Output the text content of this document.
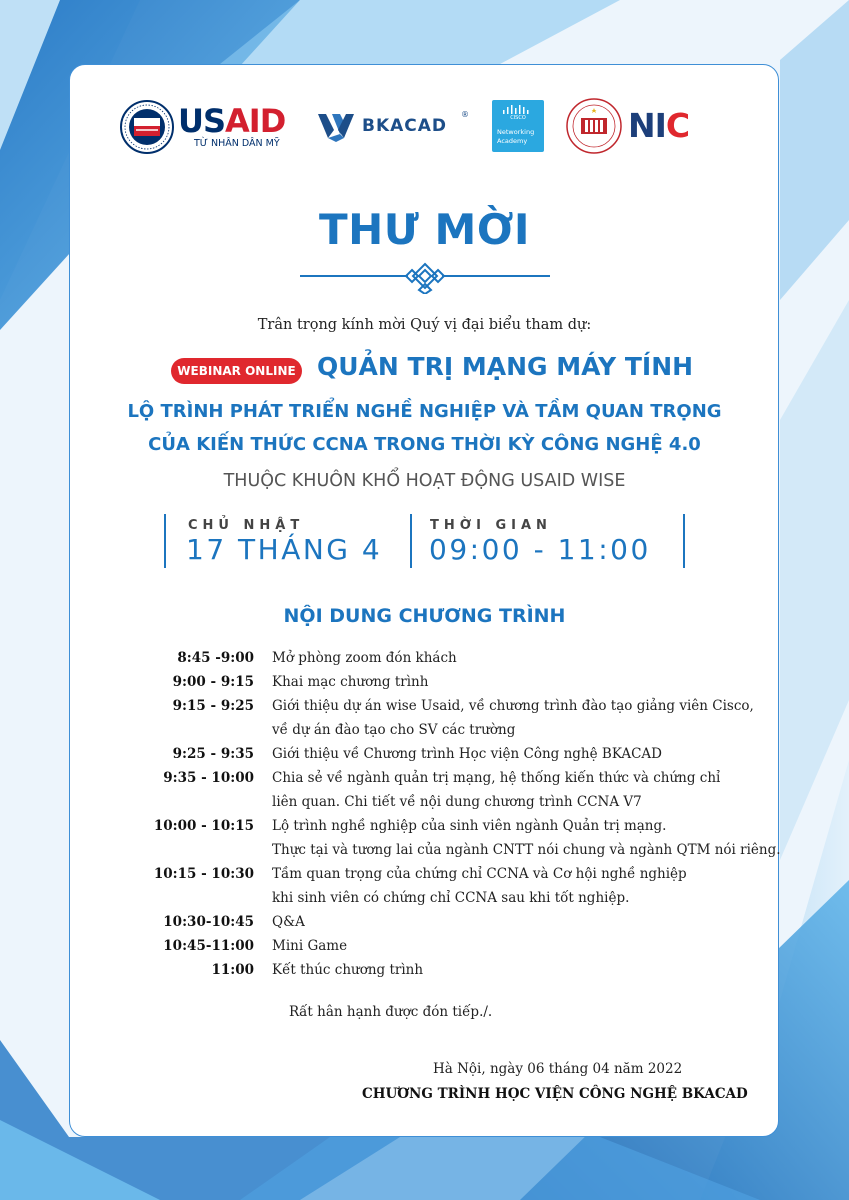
USAID
TỪ NHÂN DÂN MỸ
BKACAD
®	CISCO
Networking
Academy	NIC
THƯ MỜI
Trân trọng kính mời Quý vị đại biểu tham dự:
WEBINAR ONLINE QUẢN TRỊ MẠNG MÁY TÍNH
LỘ TRÌNH PHÁT TRIỂN NGHỀ NGHIỆP VÀ TẦM QUAN TRỌNG
CỦA KIẾN THỨC CCNA TRONG THỜI KỲ CÔNG NGHỆ 4.0
THUỘC KHUÔN KHỔ HOẠT ĐỘNG USAID WISE
CHỦ NHẬT
17 THÁNG 4
THỜI GIAN
09:00 - 11:00
NỘI DUNG CHƯƠNG TRÌNH
8:45 -9:00	Mở phòng zoom đón khách
9:00 - 9:15	Khai mạc chương trình
9:15 - 9:25	Giới thiệu dự án wise Usaid, về chương trình đào tạo giảng viên Cisco,
về dự án đào tạo cho SV các trường
9:25 - 9:35	Giới thiệu về Chương trình Học viện Công nghệ BKACAD
9:35 - 10:00	Chia sẻ về ngành quản trị mạng, hệ thống kiến thức và chứng chỉ
liên quan. Chi tiết về nội dung chương trình CCNA V7
10:00 - 10:15	Lộ trình nghề nghiệp của sinh viên ngành Quản trị mạng.
Thực tại và tương lai của ngành CNTT nói chung và ngành QTM nói riêng.
10:15 - 10:30	Tầm quan trọng của chứng chỉ CCNA và Cơ hội nghề nghiệp
khi sinh viên có chứng chỉ CCNA sau khi tốt nghiệp.
10:30-10:45	Q&A
10:45-11:00	Mini Game
11:00	Kết thúc chương trình
Rất hân hạnh được đón tiếp./.
Hà Nội, ngày 06 tháng 04 năm 2022
CHƯƠNG TRÌNH HỌC VIỆN CÔNG NGHỆ BKACAD
